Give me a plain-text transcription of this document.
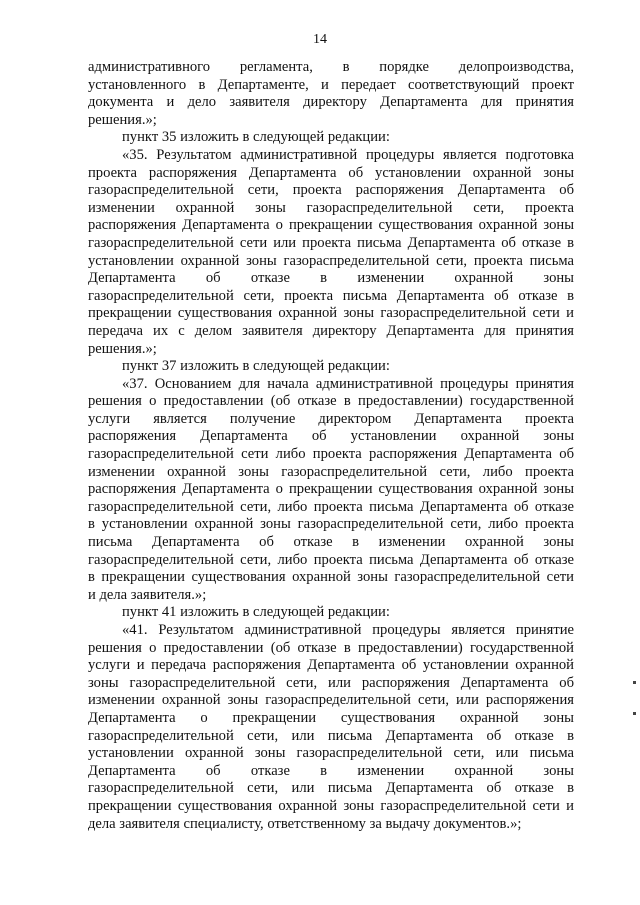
14
административного регламента, в порядке делопроизводства,
установленного в Департаменте, и передает соответствующий проект
документа и дело заявителя директору Департамента для принятия
решения.»;
пункт 35 изложить в следующей редакции:
«35. Результатом административной процедуры является подготовка
проекта распоряжения Департамента об установлении охранной зоны
газораспределительной сети, проекта распоряжения Департамента об
изменении охранной зоны газораспределительной сети, проекта
распоряжения Департамента о прекращении существования охранной зоны
газораспределительной сети или проекта письма Департамента об отказе в
установлении охранной зоны газораспределительной сети, проекта письма
Департамента об отказе в изменении охранной зоны
газораспределительной сети, проекта письма Департамента об отказе в
прекращении существования охранной зоны газораспределительной сети и
передача их с делом заявителя директору Департамента для принятия
решения.»;
пункт 37 изложить в следующей редакции:
«37. Основанием для начала административной процедуры принятия
решения о предоставлении (об отказе в предоставлении) государственной
услуги является получение директором Департамента проекта
распоряжения Департамента об установлении охранной зоны
газораспределительной сети либо проекта распоряжения Департамента об
изменении охранной зоны газораспределительной сети, либо проекта
распоряжения Департамента о прекращении существования охранной зоны
газораспределительной сети, либо проекта письма Департамента об отказе
в установлении охранной зоны газораспределительной сети, либо проекта
письма Департамента об отказе в изменении охранной зоны
газораспределительной сети, либо проекта письма Департамента об отказе
в прекращении существования охранной зоны газораспределительной сети
и дела заявителя.»;
пункт 41 изложить в следующей редакции:
«41. Результатом административной процедуры является принятие
решения о предоставлении (об отказе в предоставлении) государственной
услуги и передача распоряжения Департамента об установлении охранной
зоны газораспределительной сети, или распоряжения Департамента об
изменении охранной зоны газораспределительной сети, или распоряжения
Департамента о прекращении существования охранной зоны
газораспределительной сети, или письма Департамента об отказе в
установлении охранной зоны газораспределительной сети, или письма
Департамента об отказе в изменении охранной зоны
газораспределительной сети, или письма Департамента об отказе в
прекращении существования охранной зоны газораспределительной сети и
дела заявителя специалисту, ответственному за выдачу документов.»;
